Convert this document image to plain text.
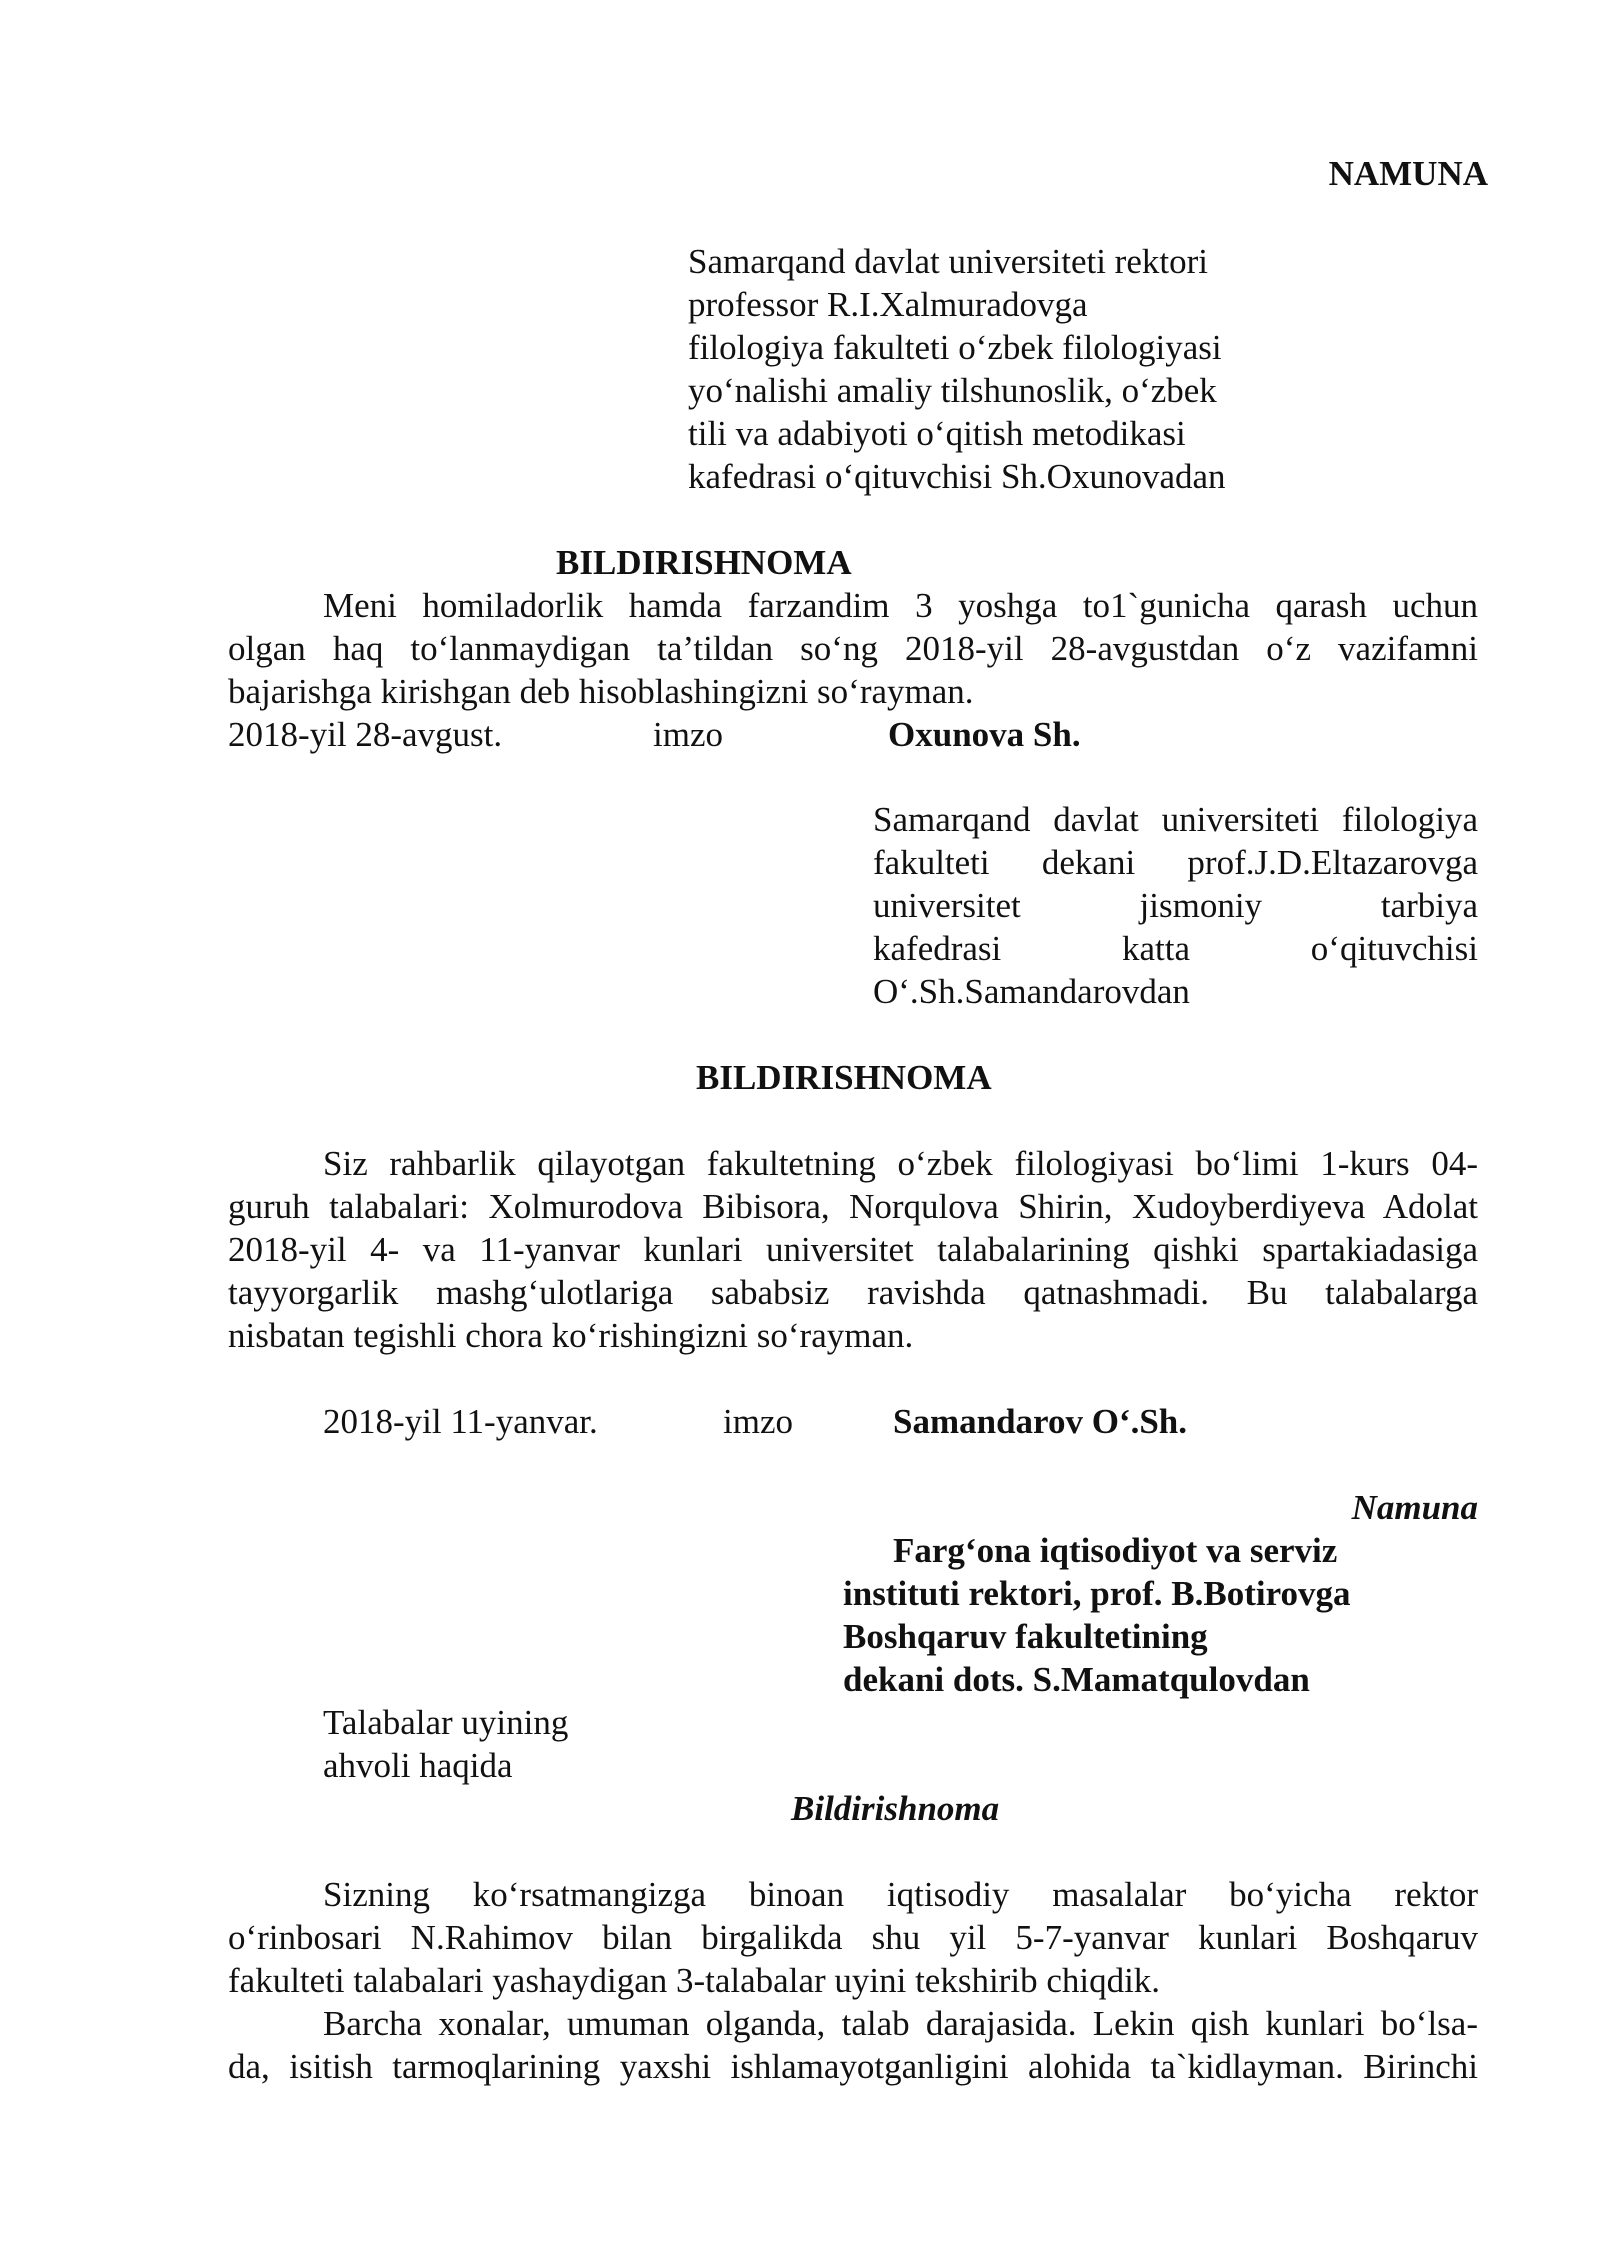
NAMUNA
Samarqand davlat universiteti rektori
professor R.I.Xalmuradovga
filologiya fakulteti o‘zbek filologiyasi
yo‘nalishi amaliy tilshunoslik, o‘zbek
tili va adabiyoti o‘qitish metodikasi
kafedrasi o‘qituvchisi Sh.Oxunovadan
BILDIRISHNOMA
Meni homiladorlik hamda farzandim 3 yoshga to1`gunicha qarash uchun
olgan haq to‘lanmaydigan ta’tildan so‘ng 2018-yil 28-avgustdan o‘z vazifamni
bajarishga kirishgan deb hisoblashingizni so‘rayman.
2018-yil 28-avgust.	imzo	Oxunova Sh.
Samarqand davlat universiteti filologiya
fakulteti dekani prof.J.D.Eltazarovga
universitet jismoniy tarbiya
kafedrasi katta o‘qituvchisi
O‘.Sh.Samandarovdan
BILDIRISHNOMA
Siz rahbarlik qilayotgan fakultetning o‘zbek filologiyasi bo‘limi 1-kurs 04-
guruh talabalari: Xolmurodova Bibisora, Norqulova Shirin, Xudoyberdiyeva Adolat
2018-yil 4- va 11-yanvar kunlari universitet talabalarining qishki spartakiadasiga
tayyorgarlik mashg‘ulotlariga sababsiz ravishda qatnashmadi. Bu talabalarga
nisbatan tegishli chora ko‘rishingizni so‘rayman.
2018-yil 11-yanvar.	imzo	Samandarov O‘.Sh.
Namuna
Farg‘ona iqtisodiyot va serviz
instituti rektori, prof. B.Botirovga
Boshqaruv fakultetining
dekani dots. S.Mamatqulovdan
Talabalar uyining
ahvoli haqida
Bildirishnoma
Sizning ko‘rsatmangizga binoan iqtisodiy masalalar bo‘yicha rektor
o‘rinbosari N.Rahimov bilan birgalikda shu yil 5-7-yanvar kunlari Boshqaruv
fakulteti talabalari yashaydigan 3-talabalar uyini tekshirib chiqdik.
Barcha xonalar, umuman olganda, talab darajasida. Lekin qish kunlari bo‘lsa-
da, isitish tarmoqlarining yaxshi ishlamayotganligini alohida ta`kidlayman. Birinchi
